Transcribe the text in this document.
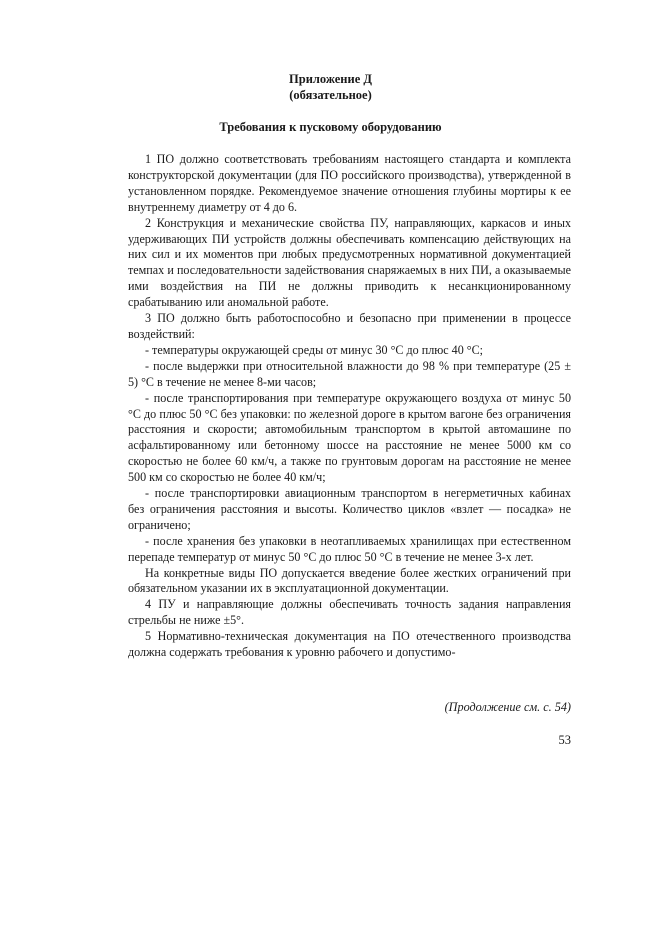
Приложение Д
(обязательное)
Требования к пусковому оборудованию

1 ПО должно соответствовать требованиям настоящего стандарта и комплекта конструкторской документации (для ПО российского производства), утвержденной в установленном порядке. Рекомендуемое значение отношения глубины мортиры к ее внутреннему диаметру от 4 до 6.

2 Конструкция и механические свойства ПУ, направляющих, каркасов и иных удерживающих ПИ устройств должны обеспечивать компенсацию действующих на них сил и их моментов при любых предусмотренных нормативной документацией темпах и последовательности задействования снаряжаемых в них ПИ, а оказываемые ими воздействия на ПИ не должны приводить к несанкционированному срабатыванию или аномальной работе.

3 ПО должно быть работоспособно и безопасно при применении в процессе воздействий:

- температуры окружающей среды от минус 30 °С до плюс 40 °С;

- после выдержки при относительной влажности до 98 % при температуре (25 ± 5) °С в течение не менее 8-ми часов;

- после транспортирования при температуре окружающего воздуха от минус 50 °С до плюс 50 °С без упаковки: по железной дороге в крытом вагоне без ограничения расстояния и скорости; автомобильным транспортом в крытой автомашине по асфальтированному или бетонному шоссе на расстояние не менее 5000 км со скоростью не более 60 км/ч, а также по грунтовым дорогам на расстояние не менее 500 км со скоростью не более 40 км/ч;

- после транспортировки авиационным транспортом в негерметичных кабинах без ограничения расстояния и высоты. Количество циклов «взлет — посадка» не ограничено;

- после хранения без упаковки в неотапливаемых хранилищах при естественном перепаде температур от минус 50 °С до плюс 50 °С в течение не менее 3-х лет.

На конкретные виды ПО допускается введение более жестких ограничений при обязательном указании их в эксплуатационной документации.

4 ПУ и направляющие должны обеспечивать точность задания направления стрельбы не ниже ±5°.

5 Нормативно-техническая документация на ПО отечественного производства должна содержать требования к уровню рабочего и допустимо-

(Продолжение см. с. 54)
53
